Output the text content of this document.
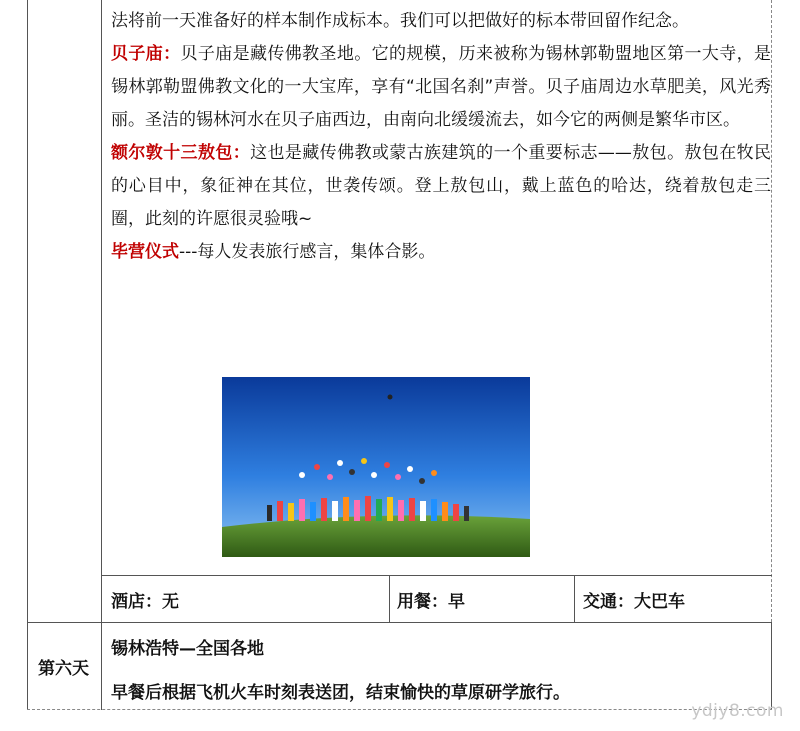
法将前一天准备好的样本制作成标本。我们可以把做好的标本带回留作纪念。

贝子庙：贝子庙是藏传佛教圣地。它的规模，历来被称为锡林郭勒盟地区第一大寺，是锡林郭勒盟佛教文化的一大宝库，享有“北国名刹”声誉。贝子庙周边水草肥美，风光秀丽。圣洁的锡林河水在贝子庙西边，由南向北缓缓流去，如今它的两侧是繁华市区。

额尔敦十三敖包：这也是藏传佛教或蒙古族建筑的一个重要标志——敖包。敖包在牧民的心目中，象征神在其位，世袭传颂。登上敖包山，戴上蓝色的哈达，绕着敖包走三圈，此刻的许愿很灵验哦~

毕营仪式---每人发表旅行感言，集体合影。

酒店：无	用餐：早	交通：大巴车
第六天
锡林浩特—全国各地
早餐后根据飞机火车时刻表送团，结束愉快的草原研学旅行。
ydjy8.com
